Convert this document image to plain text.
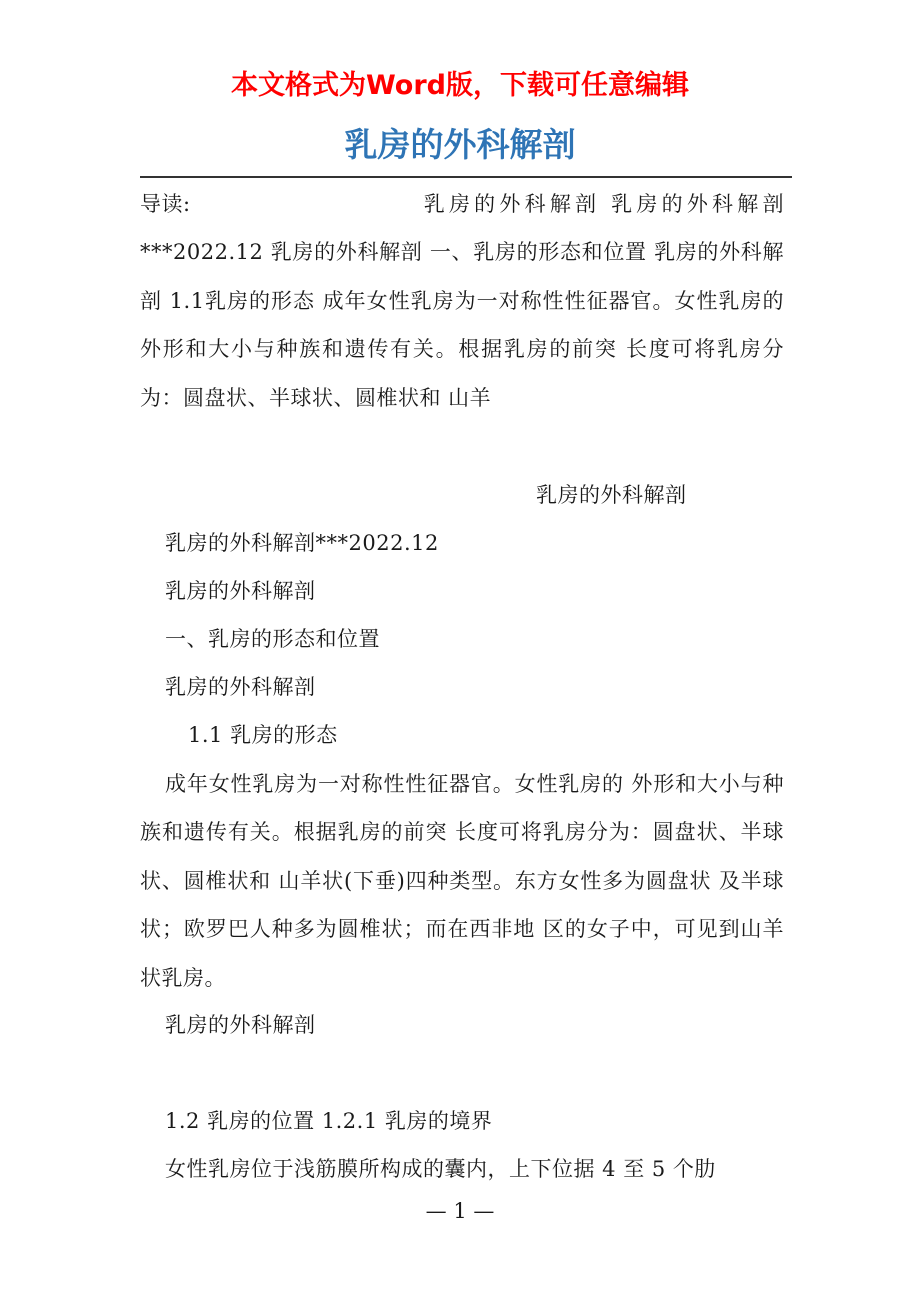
本文格式为Word版，下载可任意编辑
乳房的外科解剖
导读:	乳房的外科解剖 乳房的外科解剖 ***2022.12 乳房的外科解剖 一、乳房的形态和位置 乳房的外科解剖 1.1乳房的形态 成年女性乳房为一对称性性征器官。女性乳房的 外形和大小与种族和遗传有关。根据乳房的前突 长度可将乳房分为：圆盘状、半球状、圆椎状和 山羊
乳房的外科解剖
乳房的外科解剖***2022.12
乳房的外科解剖
一、乳房的形态和位置
乳房的外科解剖
1.1 乳房的形态
成年女性乳房为一对称性性征器官。女性乳房的 外形和大小与种族和遗传有关。根据乳房的前突 长度可将乳房分为：圆盘状、半球状、圆椎状和 山羊状(下垂)四种类型。东方女性多为圆盘状 及半球状；欧罗巴人种多为圆椎状；而在西非地 区的女子中，可见到山羊状乳房。
乳房的外科解剖
1.2 乳房的位置 1.2.1 乳房的境界
女性乳房位于浅筋膜所构成的囊内，上下位据 4 至 5 个肋
— 1 —
